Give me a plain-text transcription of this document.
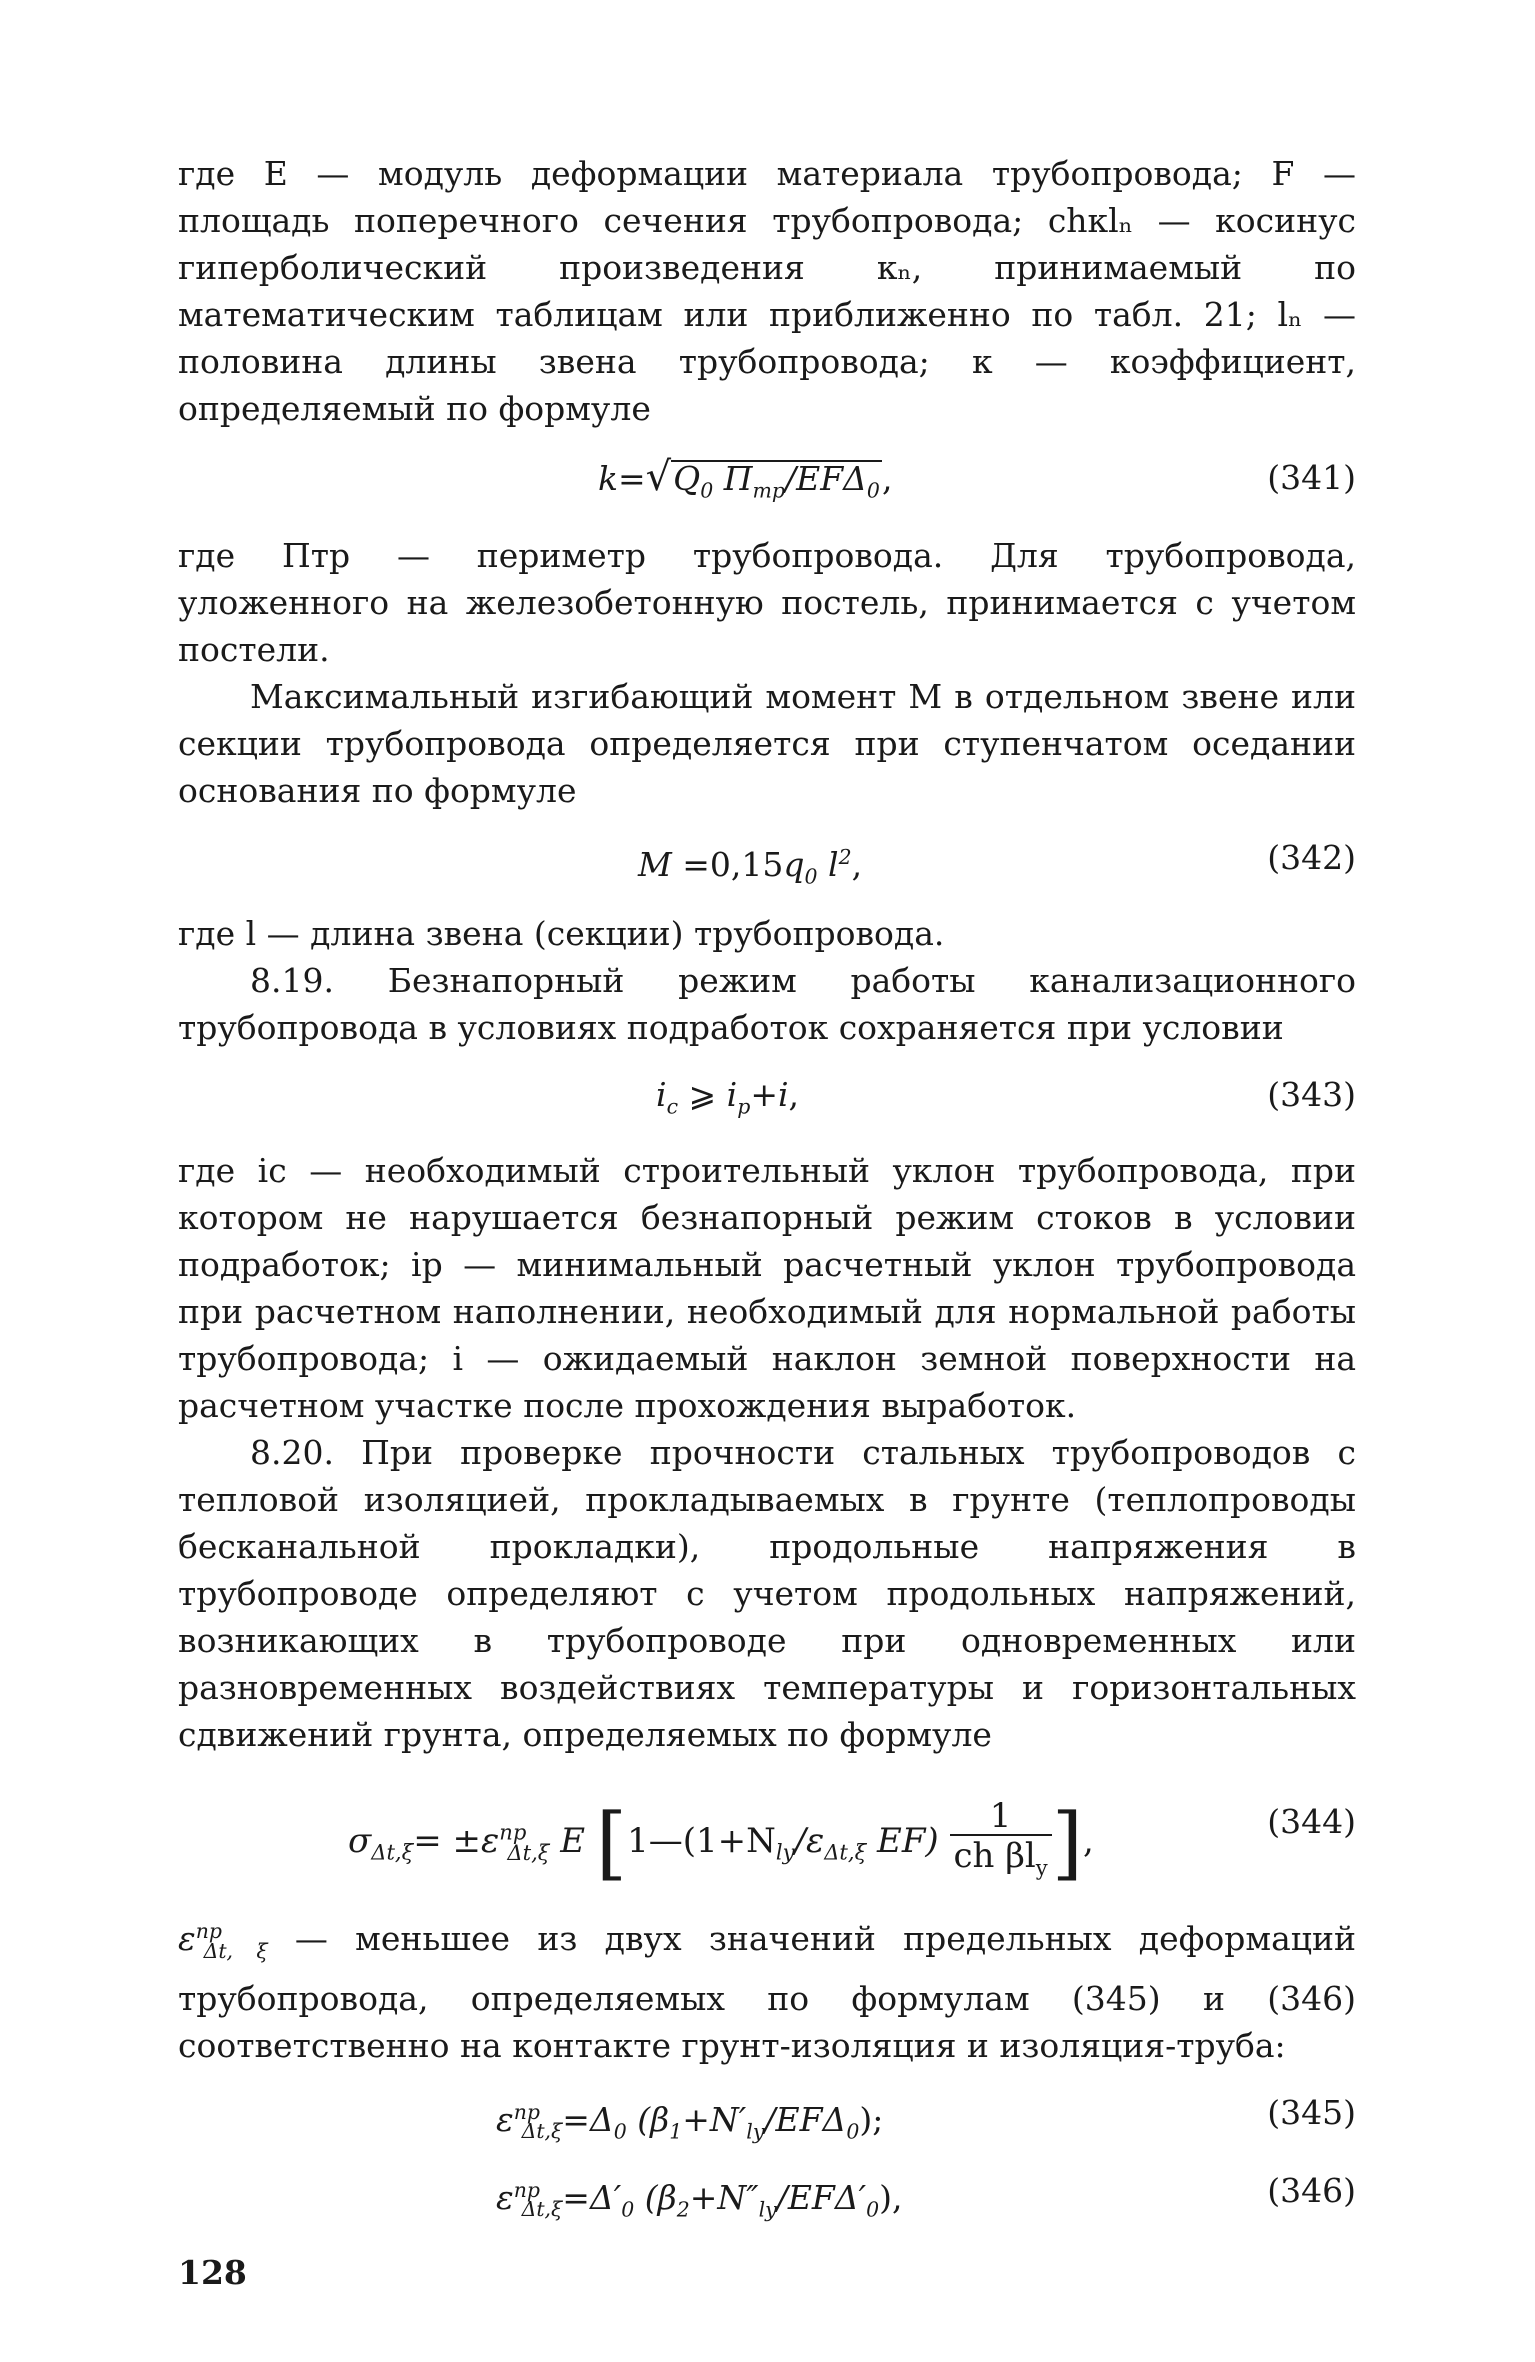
где E — модуль деформации материала трубопровода; F — площадь поперечного сечения трубопровода; chκlₙ — косинус гиперболический произведения κₙ, принимаемый по математическим таблицам или приближенно по табл. 21; lₙ — половина длины звена трубопровода; κ — коэффициент, определяемый по формуле

$k=√Q_0$ $П_{тр}/EF\Delta_0$,	(341)

где Птр — периметр трубопровода. Для трубопровода, уложенного на железобетонную постель, принимается с учетом постели.

Максимальный изгибающий момент M в отдельном звене или секции трубопровода определяется при ступенчатом оседании основания по формуле

$M =0,15q_0$ $l^2$,	(342)

где l — длина звена (секции) трубопровода.

8.19. Безнапорный режим работы канализационного трубопровода в условиях подработок сохраняется при условии

$i_с$ ⩾ $i_р+i$,	(343)

где iс — необходимый строительный уклон трубопровода, при котором не нарушается безнапорный режим стоков в условии подработок; iр — минимальный расчетный уклон трубопровода при расчетном наполнении, необходимый для нормальной работы трубопровода; i — ожидаемый наклон земной поверхности на расчетном участке после прохождения выработок.

8.20. При проверке прочности стальных трубопроводов с тепловой изоляцией, прокладываемых в грунте (теплопроводы бесканальной прокладки), продольные напряжения в трубопроводе определяют с учетом продольных напряжений, возникающих в трубопроводе при одновременных или разновременных воздействиях температуры и горизонтальных сдвижений грунта, определяемых по формуле

$\sigma_{\Delta t,\xi}= \pm\varepsilon^{пр}_{\Delta t,\xi}$ E [$1—(1+N_{ly}/\varepsilon_{\Delta t,\xi}$ $EF) \frac{1}{ch \beta l_y}$ ],	(344)

$\varepsilon^{пр}_{\Delta t, \xi}$ — меньшее из двух значений предельных деформаций трубопровода, определяемых по формулам (345) и (346) соответственно на контакте грунт-изоляция и изоляция-труба:

$\varepsilon^{пр}_{\Delta t,\xi}=\Delta_0$ $(\beta_1+N'_{ly}/EF\Delta_0)$;	(345)
$\varepsilon^{пр}_{\Delta t,\xi}=\Delta'_0$ $(\beta_2+N''_{ly}/EF\Delta'_0)$,	(346)
128
